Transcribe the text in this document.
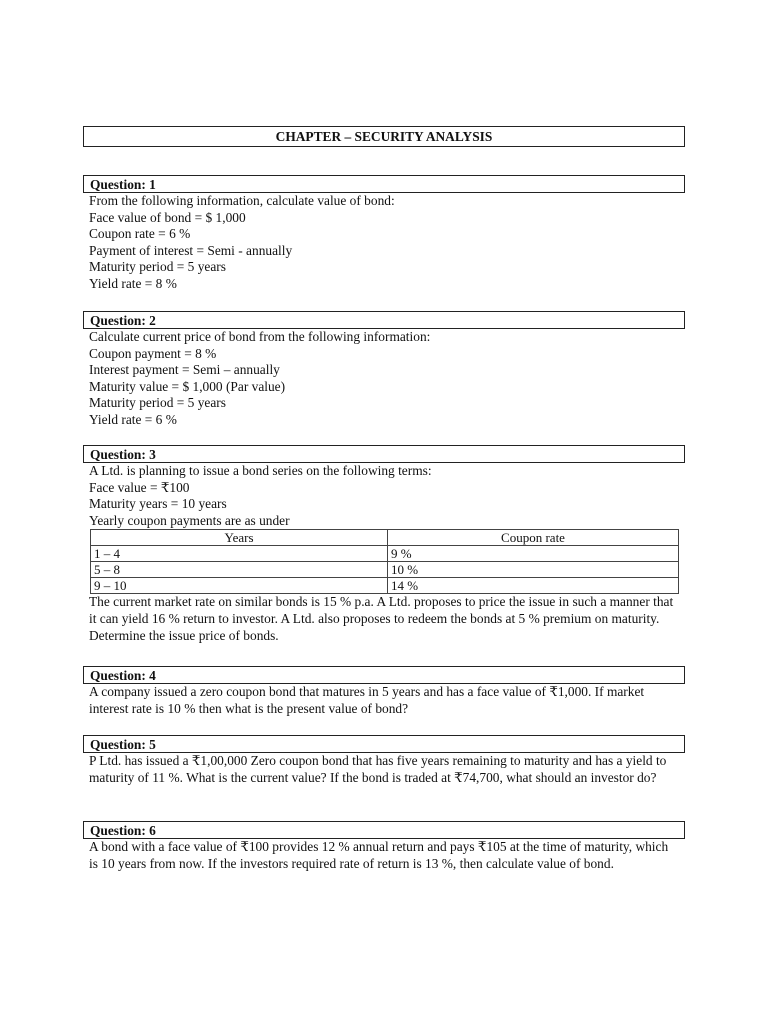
CHAPTER – SECURITY ANALYSIS
Question: 1
From the following information, calculate value of bond:
Face value of bond = $ 1,000
Coupon rate = 6 %
Payment of interest = Semi - annually
Maturity period = 5 years
Yield rate = 8 %
Question: 2
Calculate current price of bond from the following information:
Coupon payment = 8 %
Interest payment = Semi – annually
Maturity value = $ 1,000 (Par value)
Maturity period = 5 years
Yield rate = 6 %
Question: 3
A Ltd. is planning to issue a bond series on the following terms:
Face value = ₹100
Maturity years = 10 years
Yearly coupon payments are as under
Years	Coupon rate
1 – 4	9 %
5 – 8	10 %
9 – 10	14 %
The current market rate on similar bonds is 15 % p.a. A Ltd. proposes to price the issue in such a manner that it can yield 16 % return to investor. A Ltd. also proposes to redeem the bonds at 5 % premium on maturity. Determine the issue price of bonds.
Question: 4
A company issued a zero coupon bond that matures in 5 years and has a face value of ₹1,000. If market interest rate is 10 % then what is the present value of bond?
Question: 5
P Ltd. has issued a ₹1,00,000 Zero coupon bond that has five years remaining to maturity and has a yield to maturity of 11 %. What is the current value? If the bond is traded at ₹74,700, what should an investor do?
Question: 6
A bond with a face value of ₹100 provides 12 % annual return and pays ₹105 at the time of maturity, which is 10 years from now. If the investors required rate of return is 13 %, then calculate value of bond.
